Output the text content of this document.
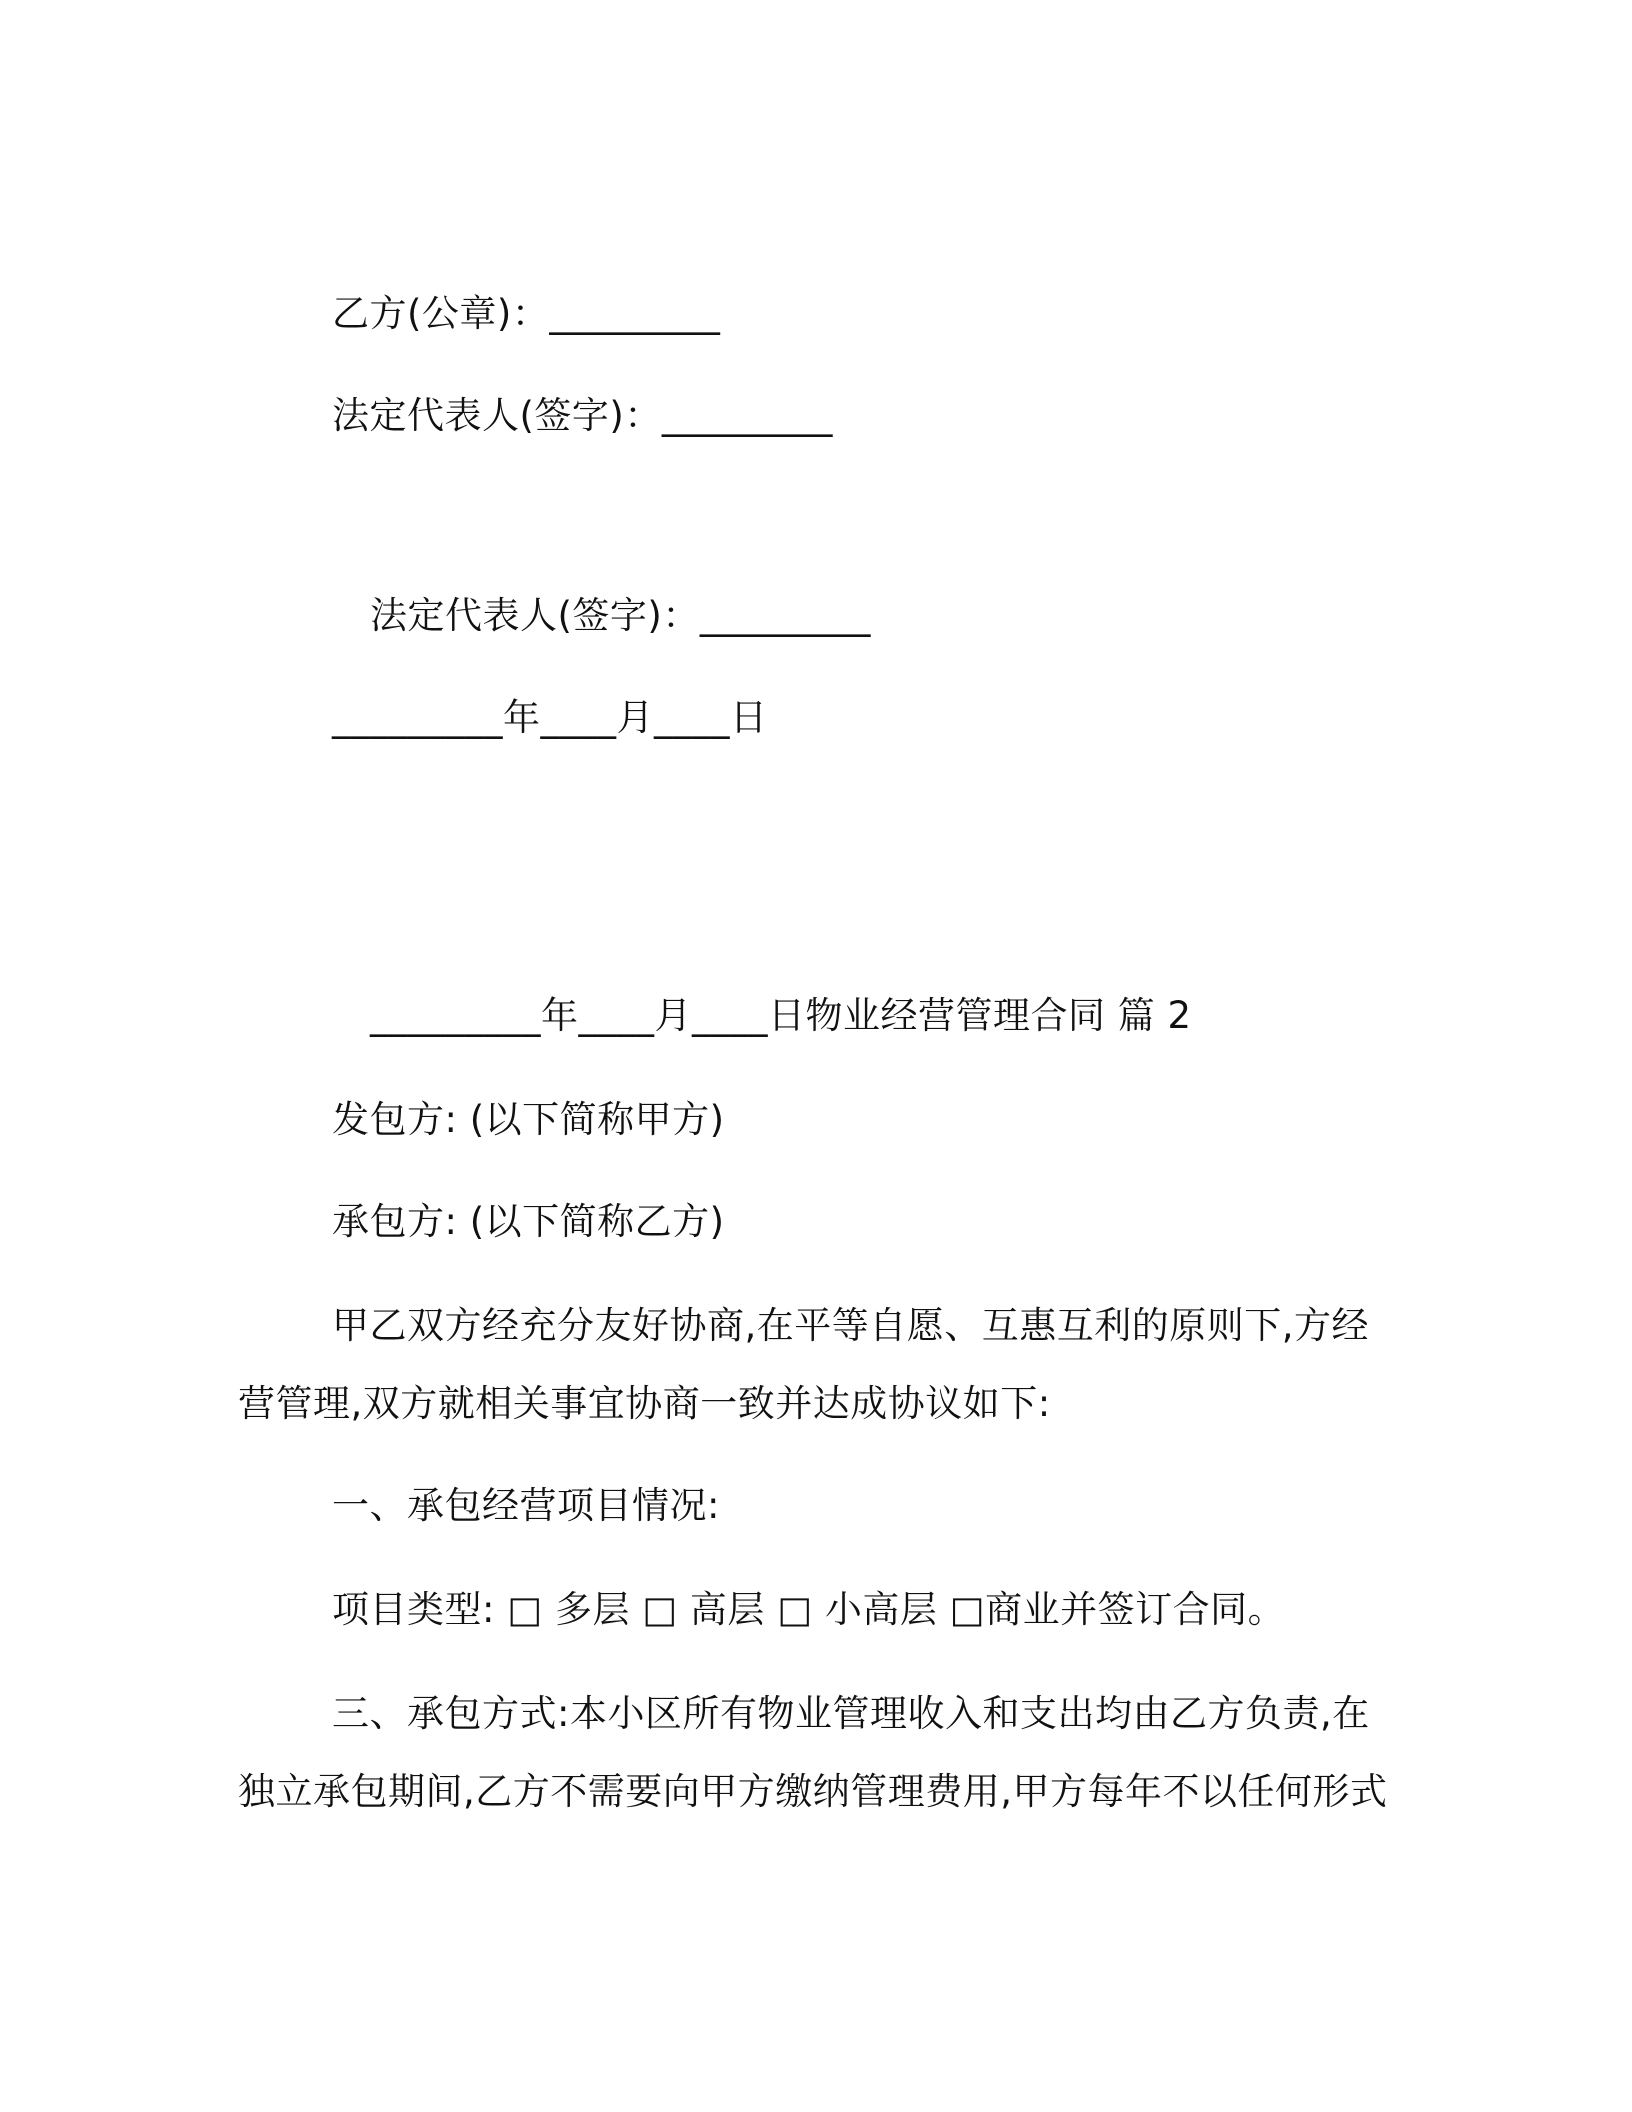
乙方(公章)：_________
法定代表人(签字)：_________
法定代表人(签字)：_________
_________年____月____日
_________年____月____日物业经营管理合同 篇 2
发包方: (以下简称甲方)
承包方: (以下简称乙方)
甲乙双方经充分友好协商,在平等自愿、互惠互利的原则下,方经
营管理,双方就相关事宜协商一致并达成协议如下:
一、承包经营项目情况:
项目类型: □ 多层 □ 高层 □ 小高层 □商业并签订合同。
三、承包方式:本小区所有物业管理收入和支出均由乙方负责,在
独立承包期间,乙方不需要向甲方缴纳管理费用,甲方每年不以任何形式
